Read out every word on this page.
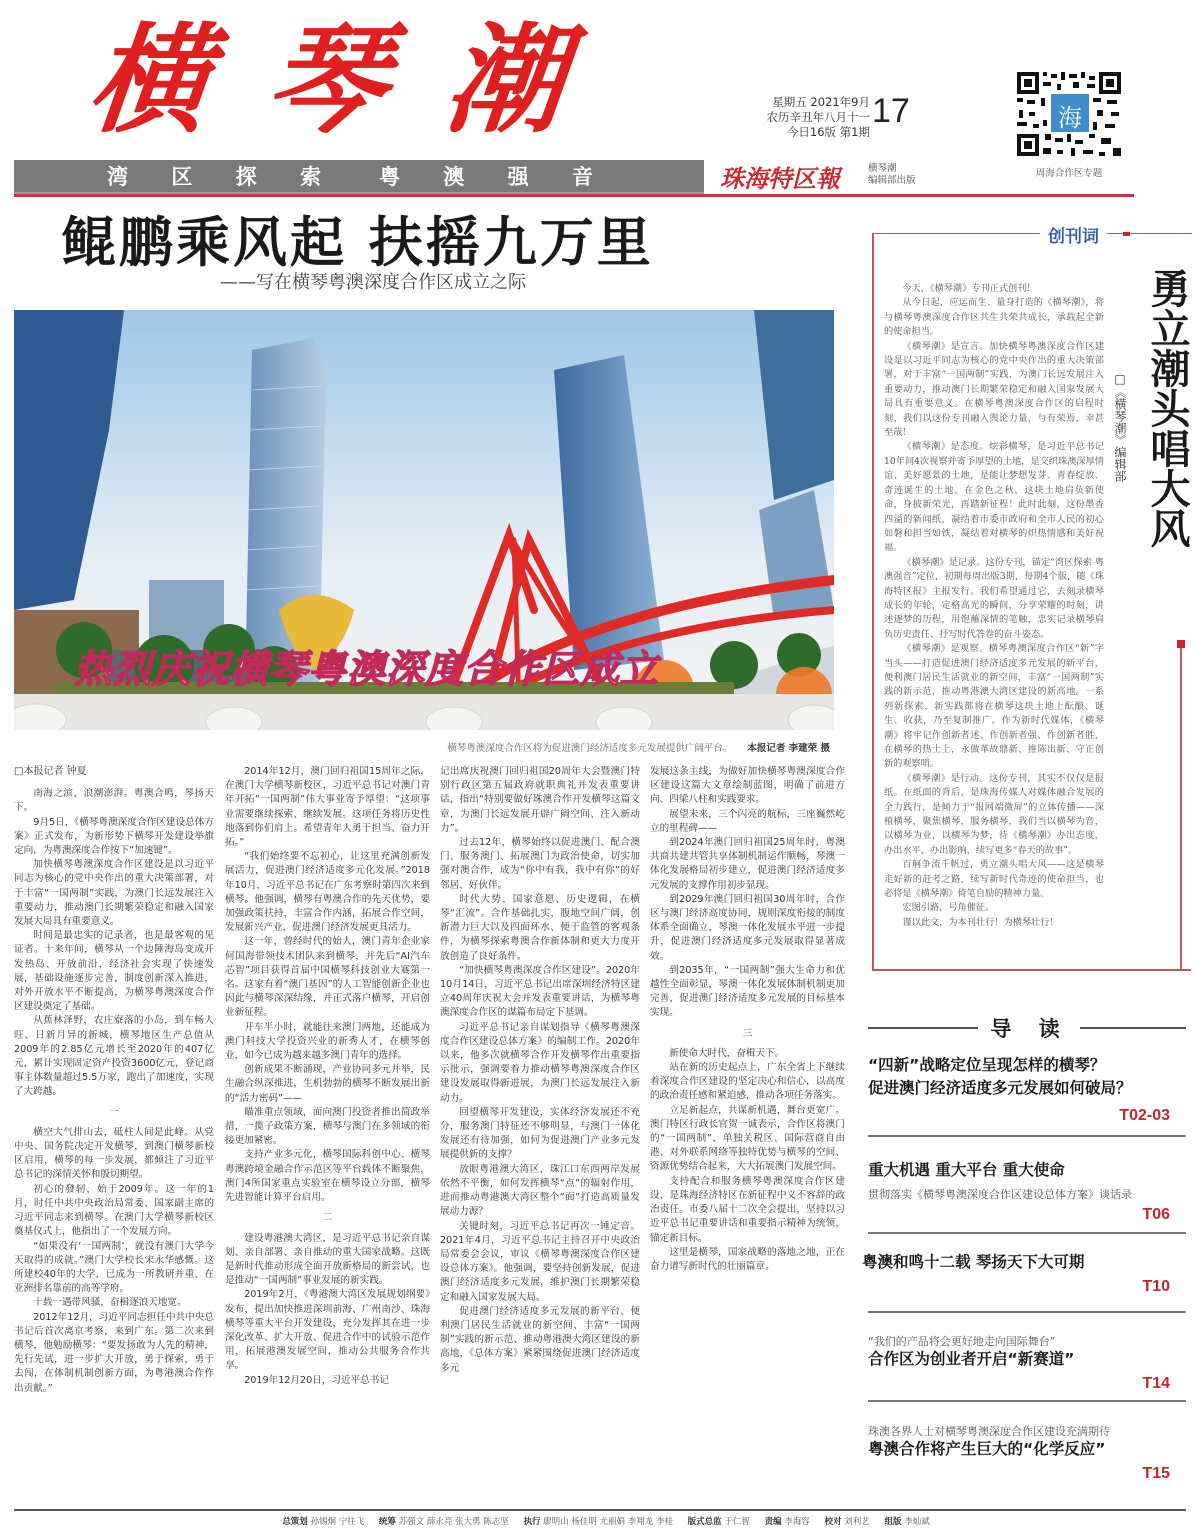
横 琴 潮	星期五 2021年9月
农历辛丑年八月十一
今日16版 第1期
17	海
周海合作区专题
湾 区 探 索 粤 澳 强 音	珠海特区報	横琴潮
编辑部出版
鲲鹏乘风起 扶摇九万里
——写在横琴粤澳深度合作区成立之际
热烈庆祝横琴粤澳深度合作区成立
横琴粤澳深度合作区将为促进澳门经济适度多元发展提供广阔平台。 本报记者 李建荣 摄

□本报记者 钟夏

南海之滨，浪潮澎湃。粤澳合鸣，琴扬天下。

9月5日，《横琴粤澳深度合作区建设总体方案》正式发布，为新形势下横琴开发建设举旗定向，为粤澳深度合作按下“加速键”。

加快横琴粤澳深度合作区建设是以习近平同志为核心的党中央作出的重大决策部署，对于丰富“一国两制”实践，为澳门长远发展注入重要动力，推动澳门长期繁荣稳定和融入国家发展大局具有重要意义。

时间是最忠实的记录者，也是最客观的见证者。十来年间，横琴从一个边陲海岛变成开发热岛、开放前沿，经济社会实现了快速发展，基础设施逐步完善，制度创新深入推进，对外开放水平不断提高，为横琴粤澳深度合作区建设奠定了基础。

从蕉林泽野，农庄寮落的小岛，到车畅人旺、日新月异的新城，横琴地区生产总值从2009年的2.85亿元增长至2020年的407亿元，累计实现固定资产投资3600亿元，登记商事主体数量超过5.5万家，跑出了加速度，实现了大跨越。

一

横空大气排山去，砥柱人间是此峰。从党中央、国务院决定开发横琴，到澳门横琴新校区启用，横琴的每一步发展，都倾注了习近平总书记的深情关怀和殷切期望。

初心的發轫，始于2009年。这一年的1月，时任中共中央政治局常委、国家副主席的习近平同志来到横琴。在澳门大学横琴新校区奠基仪式上，他指出了一个发展方向。

“如果没有‘一国两制’，就没有澳门大学今天取得的成就。”澳门大学校长宋永华感慨。这所建校40年的大学，已成为一所教研并重、在亚洲排名靠前的高等学府。

十载一遇带风骚，奋楫逐浪天地宽。

2012年12月，习近平同志担任中共中央总书记后首次离京考察，来到广东。第二次来到横琴，他勉励横琴：“要发扬敢为人先的精神，先行先试，进一步扩大开放，勇于探索，勇于去闯，在体制机制创新方面，为粤港澳合作作出贡献。”

2014年12月，澳门回归祖国15周年之际，在澳门大学横琴新校区，习近平总书记对澳门青年开拓“一国两制”伟大事业寄予厚望：“这项事业需要继续探索、继续发展。这项任务将历史性地落到你们肩上。希望青年人勇于担当、奋力开拓。”

“我们始终要不忘初心，让这里充满创新发展活力，促进澳门经济适度多元化发展。”2018年10月，习近平总书记在广东考察时第四次来到横琴。他强调，横琴有粤澳合作的先天优势，要加强政策扶持，丰富合作内涵，拓展合作空间，发展新兴产业，促进澳门经济发展更具活力。

这一年，曾经时代的始人，澳门青年企业家何国海带领技术团队来到横琴，并先后“AI汽车芯智”项目获得首届中国横琴科技创业大赛第一名。这家有着“澳门基因”的人工智能创新企业也因此与横琴深深结缘，并正式落户横琴，开启创业新征程。

开车半小时，就能往来澳门两地，还能成为澳门科技大学投资兴业的新秀人才，在横琴创业，如今已成为越来越多澳门青年的选择。

创新成果不断涌现，产业协同多元并举，民生融合纵深推进，生机勃勃的横琴不断发展出新的“活力密码”——

瞄准重点领域，面向澳门投资者推出简政举措，一揽子政策方案，横琴与澳门在多领域的衔接更加紧密。

支持产业多元化，横琴国际科创中心、横琴粤澳跨境金融合作示范区等平台载体不断聚焦，澳门4所国家重点实验室在横琴设立分部，横琴先进智能计算平台启用。

二

建设粤港澳大湾区，是习近平总书记亲自谋划、亲自部署、亲自推动的重大国家战略。这既是新时代推动形成全面开放新格局的新尝试，也是推动“一国两制”事业发展的新实践。

2019年2月，《粤港澳大湾区发展规划纲要》发布，提出加快推进深圳前海、广州南沙、珠海横琴等重大平台开发建设，充分发挥其在进一步深化改革、扩大开放、促进合作中的试验示范作用，拓展港澳发展空间，推动公共服务合作共享。

2019年12月20日，习近平总书记

记出席庆祝澳门回归祖国20周年大会暨澳门特别行政区第五届政府就职典礼并发表重要讲话，指出“特别要做好珠澳合作开发横琴这篇文章，为澳门长远发展开辟广阔空间、注入新动力”。

过去12年，横琴始终以促进澳门、配合澳门、服务澳门、拓展澳门为政治使命，切实加强对澳合作，成为“你中有我，我中有你”的好邻居、好伙伴。

时代大势、国家意愿、历史逻辑，在横琴“汇流”。合作基础扎实，腹地空间广阔，创新潜力巨大以及四面环水、便于监管的客观条件，为横琴探索粤澳合作新体制和更大力度开放创造了良好条件。

“加快横琴粤澳深度合作区建设”。2020年10月14日，习近平总书记出席深圳经济特区建立40周年庆祝大会并发表重要讲话，为横琴粤澳深度合作区的谋篇布局定下基调。

习近平总书记亲自谋划指导《横琴粤澳深度合作区建设总体方案》的编制工作。2020年以来，他多次就横琴合作开发横琴作出重要指示批示，强调要着力推动横琴粤澳深度合作区建设发展取得新进展，为澳门长远发展注入新动力。

回望横琴开发建设，实体经济发展还不充分，服务澳门特征还不够明显，与澳门一体化发展还有待加强，如何为促进澳门产业多元发展提供新的支撑？

放眼粤港澳大湾区，珠江口东西两岸发展依然不平衡，如何发挥横琴“点”的辐射作用，进而推动粤港澳大湾区整个“面”打造高质量发展动力源？

关键时刻，习近平总书记再次一锤定音。2021年4月，习近平总书记主持召开中央政治局常委会会议，审议《横琴粤澳深度合作区建设总体方案》。他强调，要坚持创新发展，促进澳门经济适度多元发展，维护澳门长期繁荣稳定和融入国家发展大局。

促进澳门经济适度多元发展的新平台、便利澳门居民生活就业的新空间、丰富“一国两制”实践的新示范、推动粤港澳大湾区建设的新高地，《总体方案》紧紧围绕促进澳门经济适度多元

发展这条主线，为做好加快横琴粤澳深度合作区建设这篇大文章绘制蓝图，明确了前进方向、四梁八柱和实践要求。

展望未来，三个闪亮的航标，三座巍然屹立的里程碑——

到2024年澳门回归祖国25周年时，粤澳共商共建共管共享体制机制运作顺畅，琴澳一体化发展格局初步建立，促进澳门经济适度多元发展的支撑作用初步显现。

到2029年澳门回归祖国30周年时，合作区与澳门经济高度协同，规则深度衔接的制度体系全面确立，琴澳一体化发展水平进一步提升，促进澳门经济适度多元发展取得显著成效。

到2035年，“一国两制”强大生命力和优越性全面彰显，琴澳一体化发展体制机制更加完善，促进澳门经济适度多元发展的目标基本实现。

三

新使命大时代，奋楫天下。

站在新的历史起点上，广东全省上下继续着深度合作区建设的坚定决心和信心，以高度的政治责任感和紧迫感，推动各项任务落实。

立足新起点，共谋新机遇，舞台更宽广。澳门特区行政长官贺一诚表示，合作区将澳门的“一国两制”、单独关税区、国际营商自由港、对外联系网络等独特优势与横琴的空间、资源优势结合起来，大大拓展澳门发展空间。

支持配合和服务横琴粤澳深度合作区建设，是珠海经济特区在新征程中义不容辞的政治责任。市委八届十二次全会提出，坚持以习近平总书记重要讲话和重要指示精神为统领，锚定新目标。

这里是横琴，国家战略的落地之地，正在奋力谱写新时代的壮丽篇章。

创刊词

今天，《横琴潮》专刊正式创刊！

从今日起，应运而生、量身打造的《横琴潮》，将与横琴粤澳深度合作区共生共荣共成长，承载起全新的使命担当。

《横琴潮》是宣言。加快横琴粤澳深度合作区建设是以习近平同志为核心的党中央作出的重大决策部署，对于丰富“一国两制”实践，为澳门长远发展注入重要动力，推动澳门长期繁荣稳定和融入国家发展大局具有重要意义。在横琴粤澳深度合作区的启程时刻，我们以这份专刊融入舆论力量，与有荣焉，幸甚至哉！

《横琴潮》是态度。炫彩横琴，是习近平总书记10年间4次视察并寄予厚望的土地，是交织珠澳深厚情谊、美好愿景的土地，是能让梦想发芽、青春绽放、奇迹诞生的土地。在金色之秋，这块土地肩负新使命，身披新荣光，再踏新征程！此时此刻，这份墨香四溢的新闻纸，凝结着市委市政府和全市人民的初心如磐和担当如铁，凝结着对横琴的炽热情感和美好祝福。

《横琴潮》是记录。这份专刊，锚定“湾区探索 粤澳强音”定位，初期每周出版3期，每期4个版，随《珠海特区报》主报发行。我们希望通过它，去刻录横琴成长的年轮，定格高光的瞬间，分享荣耀的时刻，讲述逐梦的历程，用饱蘸深情的笔触，忠实记录横琴肩负历史责任、抒写时代答卷的奋斗姿态。

《横琴潮》是观察。横琴粤澳深度合作区“新”字当头——打造促进澳门经济适度多元发展的新平台，便利澳门居民生活就业的新空间，丰富“一国两制”实践的新示范，推动粤港澳大湾区建设的新高地。一系列新探索、新实践都将在横琴这块土地上酝酿、诞生、收获，乃至复制推广。作为新时代媒体，《横琴潮》将牢记作创新者述、作创新者强、作创新者胜，在横琴的热土上，永做革故鼎新、推陈出新、守正创新的观察哨。

《横琴潮》是行动。这份专刊，其实不仅仅是报纸。在纸面的背后，是珠海传媒人对媒体融合发展的全力践行，是倾力于“报网端微屏”的立体传播——深植横琴，聚焦横琴，服务横琴，我们当以横琴为音，以横琴为业，以横琴为梦，待《横琴潮》办出态度，办出水平，办出影响，续写更多“春天的故事”。

百舸争流千帆过，勇立潮头唱大风——这是横琴走好新的赶考之路，续写新时代奇迹的使命担当，也必将是《横琴潮》倚笔自励的精神力量。

宏图引路，号角催征。

谨以此文，为本刊壮行！为横琴壮行！

勇立潮头唱大风
□《横琴潮》编辑部
导 读
“四新”战略定位呈现怎样的横琴？
促进澳门经济适度多元发展如何破局？
T02-03
重大机遇 重大平台 重大使命
贯彻落实《横琴粤澳深度合作区建设总体方案》谈话录
T06
粤澳和鸣十二载 琴扬天下大可期
T10
“我们的产品将会更好地走向国际舞台”
合作区为创业者开启“新赛道”
T14
珠澳各界人士对横琴粤澳深度合作区建设充满期待
粤澳合作将产生巨大的“化学反应”
T15
总策划 孙锡炯 宁往飞 统筹 苏强文 薛永亮 张大勇 陈志坚 执行 廖明山 杨佳明 尤丽娟 李翔龙 李桂 版式总监 于仁智 责编 李海容 校对 刘利艺 组版 李灿斌
